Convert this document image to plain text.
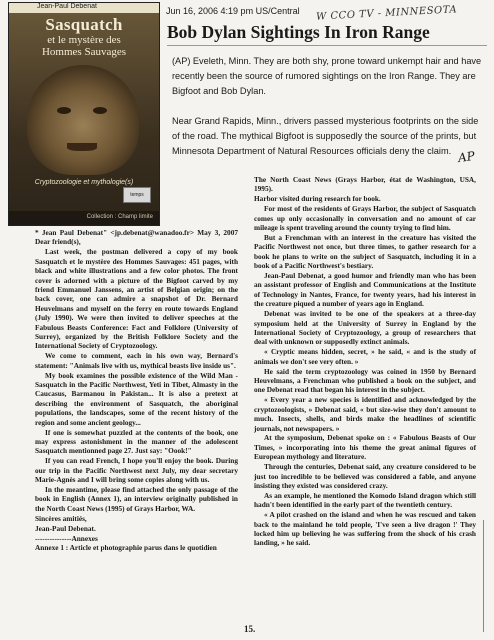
Jean-Paul Debenat
Sasquatch
et le mystère des
Hommes Sauvages
Cryptozoologie et mythologie(s)
temps
Collection : Champ limite
Jun 16, 2006 4:19 pm US/Central W CCO TV - MINNESOTA
Bob Dylan Sightings In Iron Range
(AP) Eveleth, Minn. They are both shy, prone toward unkempt hair and have recently been the source of rumored sightings on the Iron Range. They are Bigfoot and Bob Dylan.
Near Grand Rapids, Minn., drivers passed mysterious footprints on the side of the road. The mythical Bigfoot is supposedly the source of the prints, but Minnesota Department of Natural Resources officials deny the claim. AP

* Jean Paul Debenat" <jp.debenat@wanadoo.fr> May 3, 2007 Dear friend(s),

Last week, the postman delivered a copy of my book Sasquatch et le mystère des Hommes Sauvages: 451 pages, with black and white illustrations and a few color photos. The front cover is adorned with a picture of the Bigfoot carved by my friend Emmanuel Janssens, an artist of Belgian origin; on the back cover, one can admire a snapshot of Dr. Bernard Heuvelmans and myself on the ferry en route towards England (July 1990). We were then invited to deliver speeches at the Fabulous Beasts Conference: Fact and Folklore (University of Surrey), organized by the British Folklore Society and the International Society of Cryptozoology.

We come to comment, each in his own way, Bernard's statement: "Animals live with us, mythical beasts live inside us".

My book examines the possible existence of the Wild Man - Sasquatch in the Pacific Northwest, Yeti in Tibet, Almasty in the Caucasus, Barmanou in Pakistan... It is also a pretext at describing the environment of Sasquatch, the aboriginal populations, the landscapes, some of the recent history of the region and some ancient geology...

If one is somewhat puzzled at the contents of the book, one may express astonishment in the manner of the adolescent Sasquatch mentionned page 27. Just say: "Oook!"

If you can read French, I hope you'll enjoy the book. During our trip in the Pacific Northwest next July, my dear secretary Marie-Agnès and I will bring some copies along with us.

In the meantime, please find attached the only passage of the book in English (Annex 1), an interview originally published in the North Coast News (1995) of Grays Harbor, WA.

Sincères amitiés,

Jean-Paul Debenat.

---------------Annexes

Annexe 1 : Article et photographie parus dans le quotidien

The North Coast News (Grays Harbor, état de Washington, USA, 1995).

Harbor visited during research for book.

For most of the residents of Grays Harbor, the subject of Sasquatch comes up only occasionally in conversation and no amount of car mileage is spent traveling around the county trying to find him.

But a Frenchman with an interest in the creature has visited the Pacific Northwest not once, but three times, to gather research for a book he plans to write on the subject of Sasquatch, including it in a book of a Pacific Northwest's bestiary.

Jean-Paul Debenat, a good humor and friendly man who has been an assistant professor of English and Communications at the Institute of Technology in Nantes, France, for twenty years, had his interest in the creature piqued a number of years ago in England.

Debenat was invited to be one of the speakers at a three-day symposium held at the University of Surrey in England by the International Society of Cryptozoology, a group of researchers that deal with unknown or supposedly extinct animals.

« Cryptic means hidden, secret, » he said, « and is the study of animals we don't see very often. »

He said the term cryptozoology was coined in 1950 by Bernard Heuvelmans, a Frenchman who published a book on the subject, and one Debenat read that began his interest in the subject.

« Every year a new species is identified and acknowledged by the cryptozoologists, » Debenat said, « but size-wise they don't amount to much. Insects, shells, and birds make the headlines of scientific journals, not newspapers. »

At the symposium, Debenat spoke on : « Fabulous Beasts of Our Times, » incorporating into his theme the great animal figures of European mythology and literature.

Through the centuries, Debenat said, any creature considered to be just too incredible to be believed was considered a fable, and anyone insisting they existed was considered crazy.

As an example, he mentioned the Komodo Island dragon which still hadn't been identified in the early part of the twentieth century.

« A pilot crashed on the island and when he was rescued and taken back to the mainland he told people, 'I've seen a live dragon !' They locked him up believing he was suffering from the shock of his crash landing, » he said.

15.
